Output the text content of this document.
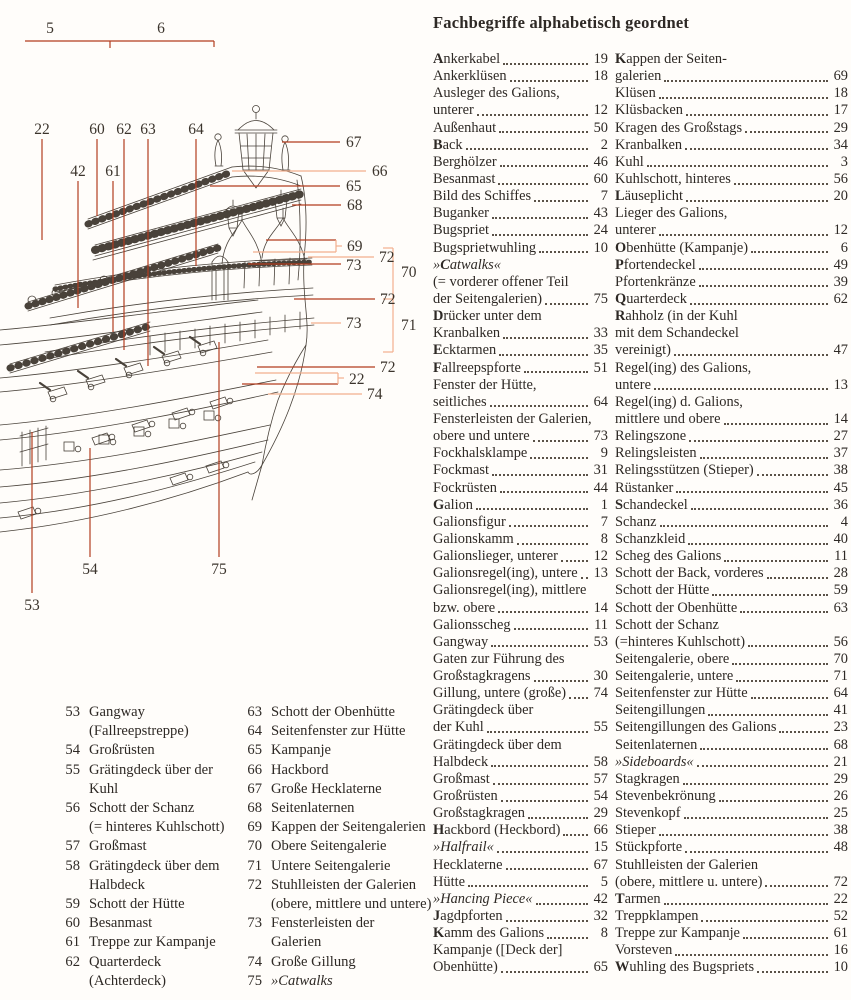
5	6
22	60 62 63 64
42 61
67
66
65
68
69
72
73	70
72
73	71
72
22
74
53
54	75
Fachbegriffe alphabetisch geordnet
Ankerkabel	19
Ankerklüsen	18
Ausleger des Galions,
unterer	12
Außenhaut	50
Back	2
Berghölzer	46
Besanmast	60
Bild des Schiffes	7
Buganker	43
Bugspriet	24
Bugsprietwuhling	10
»Catwalks«
(= vorderer offener Teil
der Seitengalerien)	75
Drücker unter dem
Kranbalken	33
Ecktarmen	35
Fallreepspforte	51
Fenster der Hütte,
seitliches	64
Fensterleisten der Galerien,
obere und untere	73
Fockhalsklampe	9
Fockmast	31
Fockrüsten	44
Galion	1
Galionsfigur	7
Galionskamm	8
Galionslieger, unterer 12
Galionsregel(ing), untere 13
Galionsregel(ing), mittlere
bzw. obere	14
Galionsscheg	11
Gangway	53
Gaten zur Führung des
Großstagkragens	30
Gillung, untere (große) 74
Grätingdeck über
der Kuhl	55
Grätingdeck über dem
Halbdeck	58
Großmast	57
Großrüsten	54
Großstagkragen	29
Hackbord (Heckbord) 66
»Halfrail«	15
Hecklaterne	67
Hütte	5
»Hancing Piece«	42
Jagdpforten	32
Kamm des Galions	8
Kampanje ([Deck der]
Obenhütte)	65
Kappen der Seiten-
galerien	69
Klüsen	18
Klüsbacken	17
Kragen des Großstags	29
Kranbalken	34
Kuhl	3
Kuhlschott, hinteres	56
Läuseplicht	20
Lieger des Galions,
unterer	12
Obenhütte (Kampanje)	6
Pfortendeckel	49
Pfortenkränze	39
Quarterdeck	62
Rahholz (in der Kuhl
mit dem Schandeckel
vereinigt)	47
Regel(ing) des Galions,
untere	13
Regel(ing) d. Galions,
mittlere und obere	14
Relingszone	27
Relingsleisten	37
Relingsstützen (Stieper)	38
Rüstanker	45
Schandeckel	36
Schanz	4
Schanzkleid	40
Scheg des Galions	11
Schott der Back, vorderes	28
Schott der Hütte	59
Schott der Obenhütte	63
Schott der Schanz
(=hinteres Kuhlschott)	56
Seitengalerie, obere	70
Seitengalerie, untere	71
Seitenfenster zur Hütte	64
Seitengillungen	41
Seitengillungen des Galions	23
Seitenlaternen	68
»Sideboards«	21
Stagkragen	29
Stevenbekrönung	26
Stevenkopf	25
Stieper	38
Stückpforte	48
Stuhlleisten der Galerien
(obere, mittlere u. untere)	72
Tarmen	22
Treppklampen	52
Treppe zur Kampanje	61
Vorsteven	16
Wuhling des Bugspriets	10
53 Gangway
(Fallreepstreppe)
54 Großrüsten
55 Grätingdeck über der
Kuhl
56 Schott der Schanz
(= hinteres Kuhlschott)
57 Großmast
58 Grätingdeck über dem
Halbdeck
59 Schott der Hütte
60 Besanmast
61 Treppe zur Kampanje
62 Quarterdeck
(Achterdeck)
63 Schott der Obenhütte
64 Seitenfenster zur Hütte
65 Kampanje
66 Hackbord
67 Große Hecklaterne
68 Seitenlaternen
69 Kappen der Seitengalerien
70 Obere Seitengalerie
71 Untere Seitengalerie
72 Stuhlleisten der Galerien
(obere, mittlere und untere)
73 Fensterleisten der
Galerien
74 Große Gillung
75 »Catwalks
